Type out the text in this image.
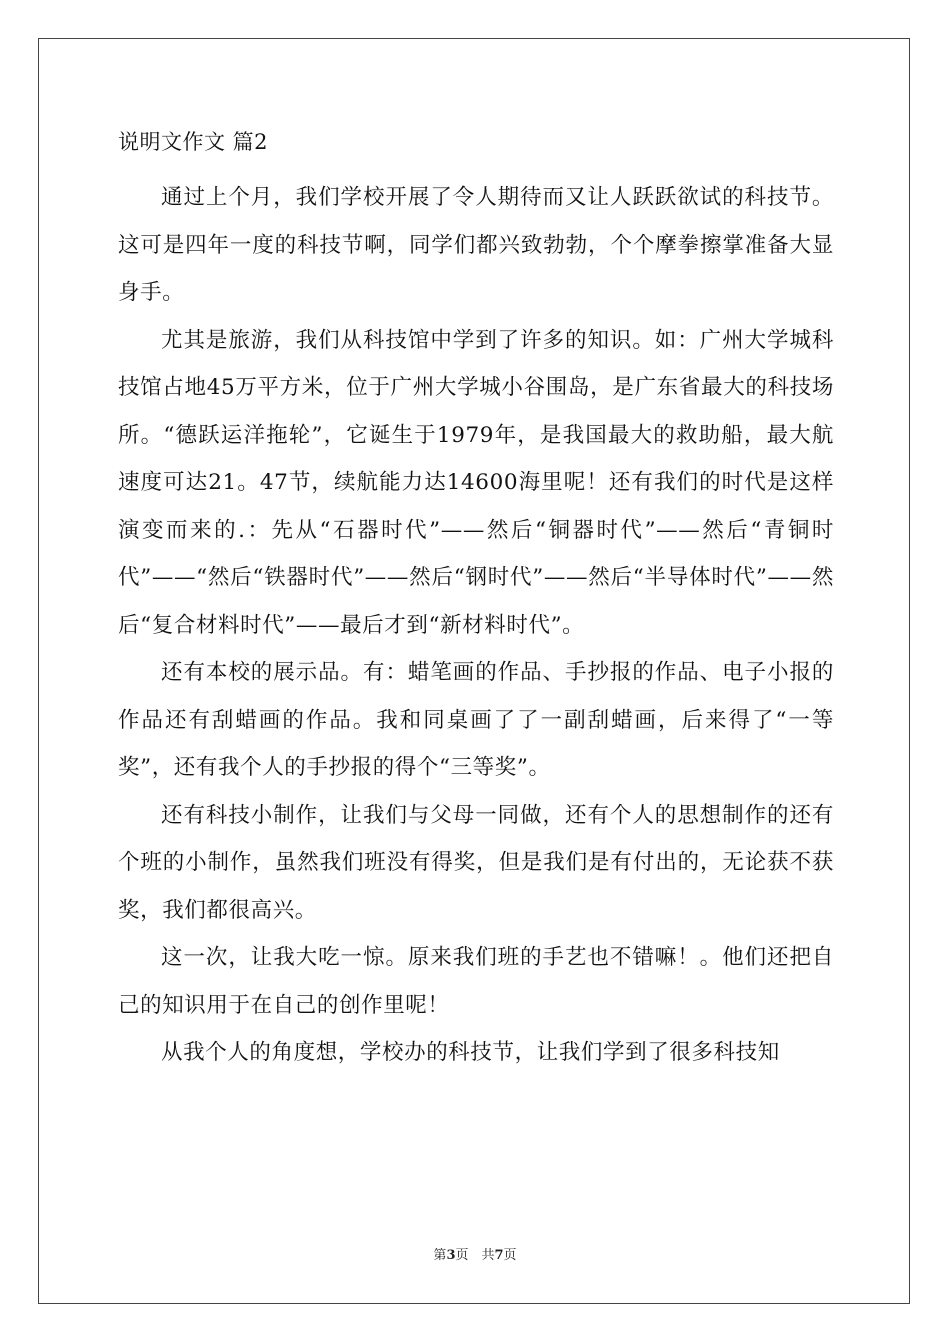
说明文作文 篇2

通过上个月，我们学校开展了令人期待而又让人跃跃欲试的科技节。这可是四年一度的科技节啊，同学们都兴致勃勃，个个摩拳擦掌准备大显身手。

尤其是旅游，我们从科技馆中学到了许多的知识。如：广州大学城科技馆占地45万平方米，位于广州大学城小谷围岛，是广东省最大的科技场所。“德跃运洋拖轮”，它诞生于1979年，是我国最大的救助船，最大航速度可达21。47节，续航能力达14600海里呢！还有我们的时代是这样演变而来的.：先从“石器时代”——然后“铜器时代”——然后“青铜时代”——“然后“铁器时代”——然后“钢时代”——然后“半导体时代”——然后“复合材料时代”——最后才到“新材料时代”。

还有本校的展示品。有：蜡笔画的作品、手抄报的作品、电子小报的作品还有刮蜡画的作品。我和同桌画了了一副刮蜡画，后来得了“一等奖”，还有我个人的手抄报的得个“三等奖”。

还有科技小制作，让我们与父母一同做，还有个人的思想制作的还有个班的小制作，虽然我们班没有得奖，但是我们是有付出的，无论获不获奖，我们都很高兴。

这一次，让我大吃一惊。原来我们班的手艺也不错嘛！。他们还把自己的知识用于在自己的创作里呢！

从我个人的角度想，学校办的科技节，让我们学到了很多科技知

第3页　共7页
